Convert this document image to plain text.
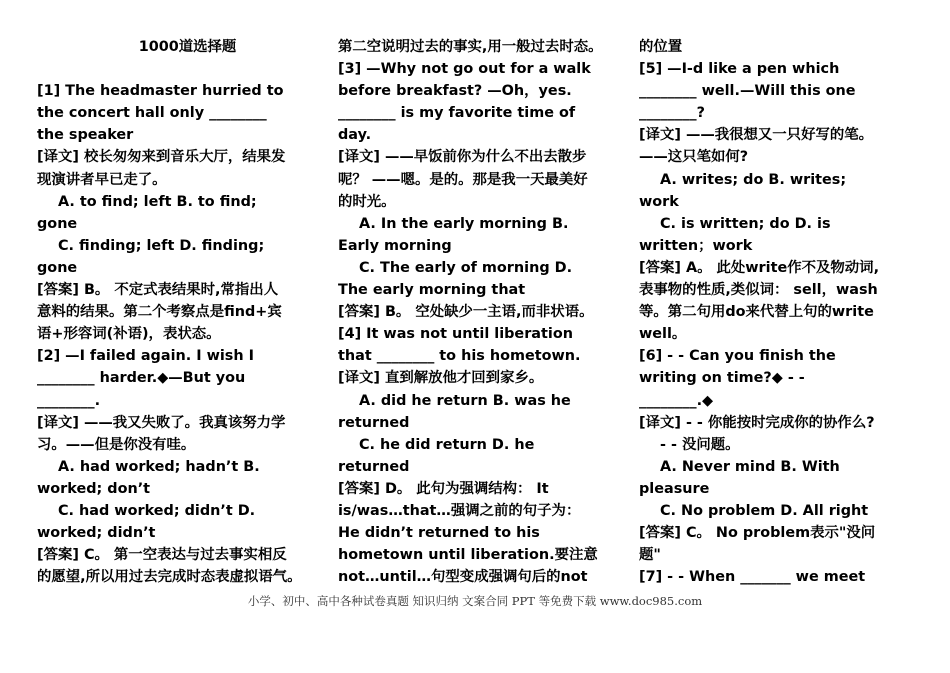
1000道选择题

[1] The headmaster hurried to

the concert hall only ________

the speaker

[译文] 校长匆匆来到音乐大厅，结果发

现演讲者早已走了。

A. to find; left B. to find;

gone

C. finding; left D. finding;

gone

[答案] B。 不定式表结果时,常指出人

意料的结果。第二个考察点是find+宾

语+形容词(补语)，表状态。

[2] —I failed again. I wish I

________ harder.◆—But you

________.

[译文] ——我又失败了。我真该努力学

习。——但是你没有哇。

A. had worked; hadn’t B.

worked; don’t

C. had worked; didn’t D.

worked; didn’t

[答案] C。 第一空表达与过去事实相反

的愿望,所以用过去完成时态表虚拟语气。

第二空说明过去的事实,用一般过去时态。

[3] —Why not go out for a walk

before breakfast? —Oh，yes.

________ is my favorite time of

day.

[译文] ——早饭前你为什么不出去散步

呢？ ——嗯。是的。那是我一天最美好

的时光。

A. In the early morning B.

Early morning

C. The early of morning D.

The early morning that

[答案] B。 空处缺少一主语,而非状语。

[4] It was not until liberation

that ________ to his hometown.

[译文] 直到解放他才回到家乡。

A. did he return B. was he

returned

C. he did return D. he

returned

[答案] D。 此句为强调结构： It

is/was…that…强调之前的句子为：

He didn’t returned to his

hometown until liberation.要注意

not…until…句型变成强调句后的not

的位置

[5] —I-d like a pen which

________ well.—Will this one

________?

[译文] ——我很想又一只好写的笔。

——这只笔如何?

A. writes; do B. writes;

work

C. is written; do D. is

written；work

[答案] A。 此处write作不及物动词,

表事物的性质,类似词： sell，wash

等。第二句用do来代替上句的write

well。

[6] - - Can you finish the

writing on time?◆ - -

________.◆

[译文] - - 你能按时完成你的协作么?

- - 没问题。

A. Never mind B. With

pleasure

C. No problem D. All right

[答案] C。 No problem表示"没问

题"

[7] - - When _______ we meet

小学、初中、高中各种试卷真题 知识归纳 文案合同 PPT 等免费下载 www.doc985.com
